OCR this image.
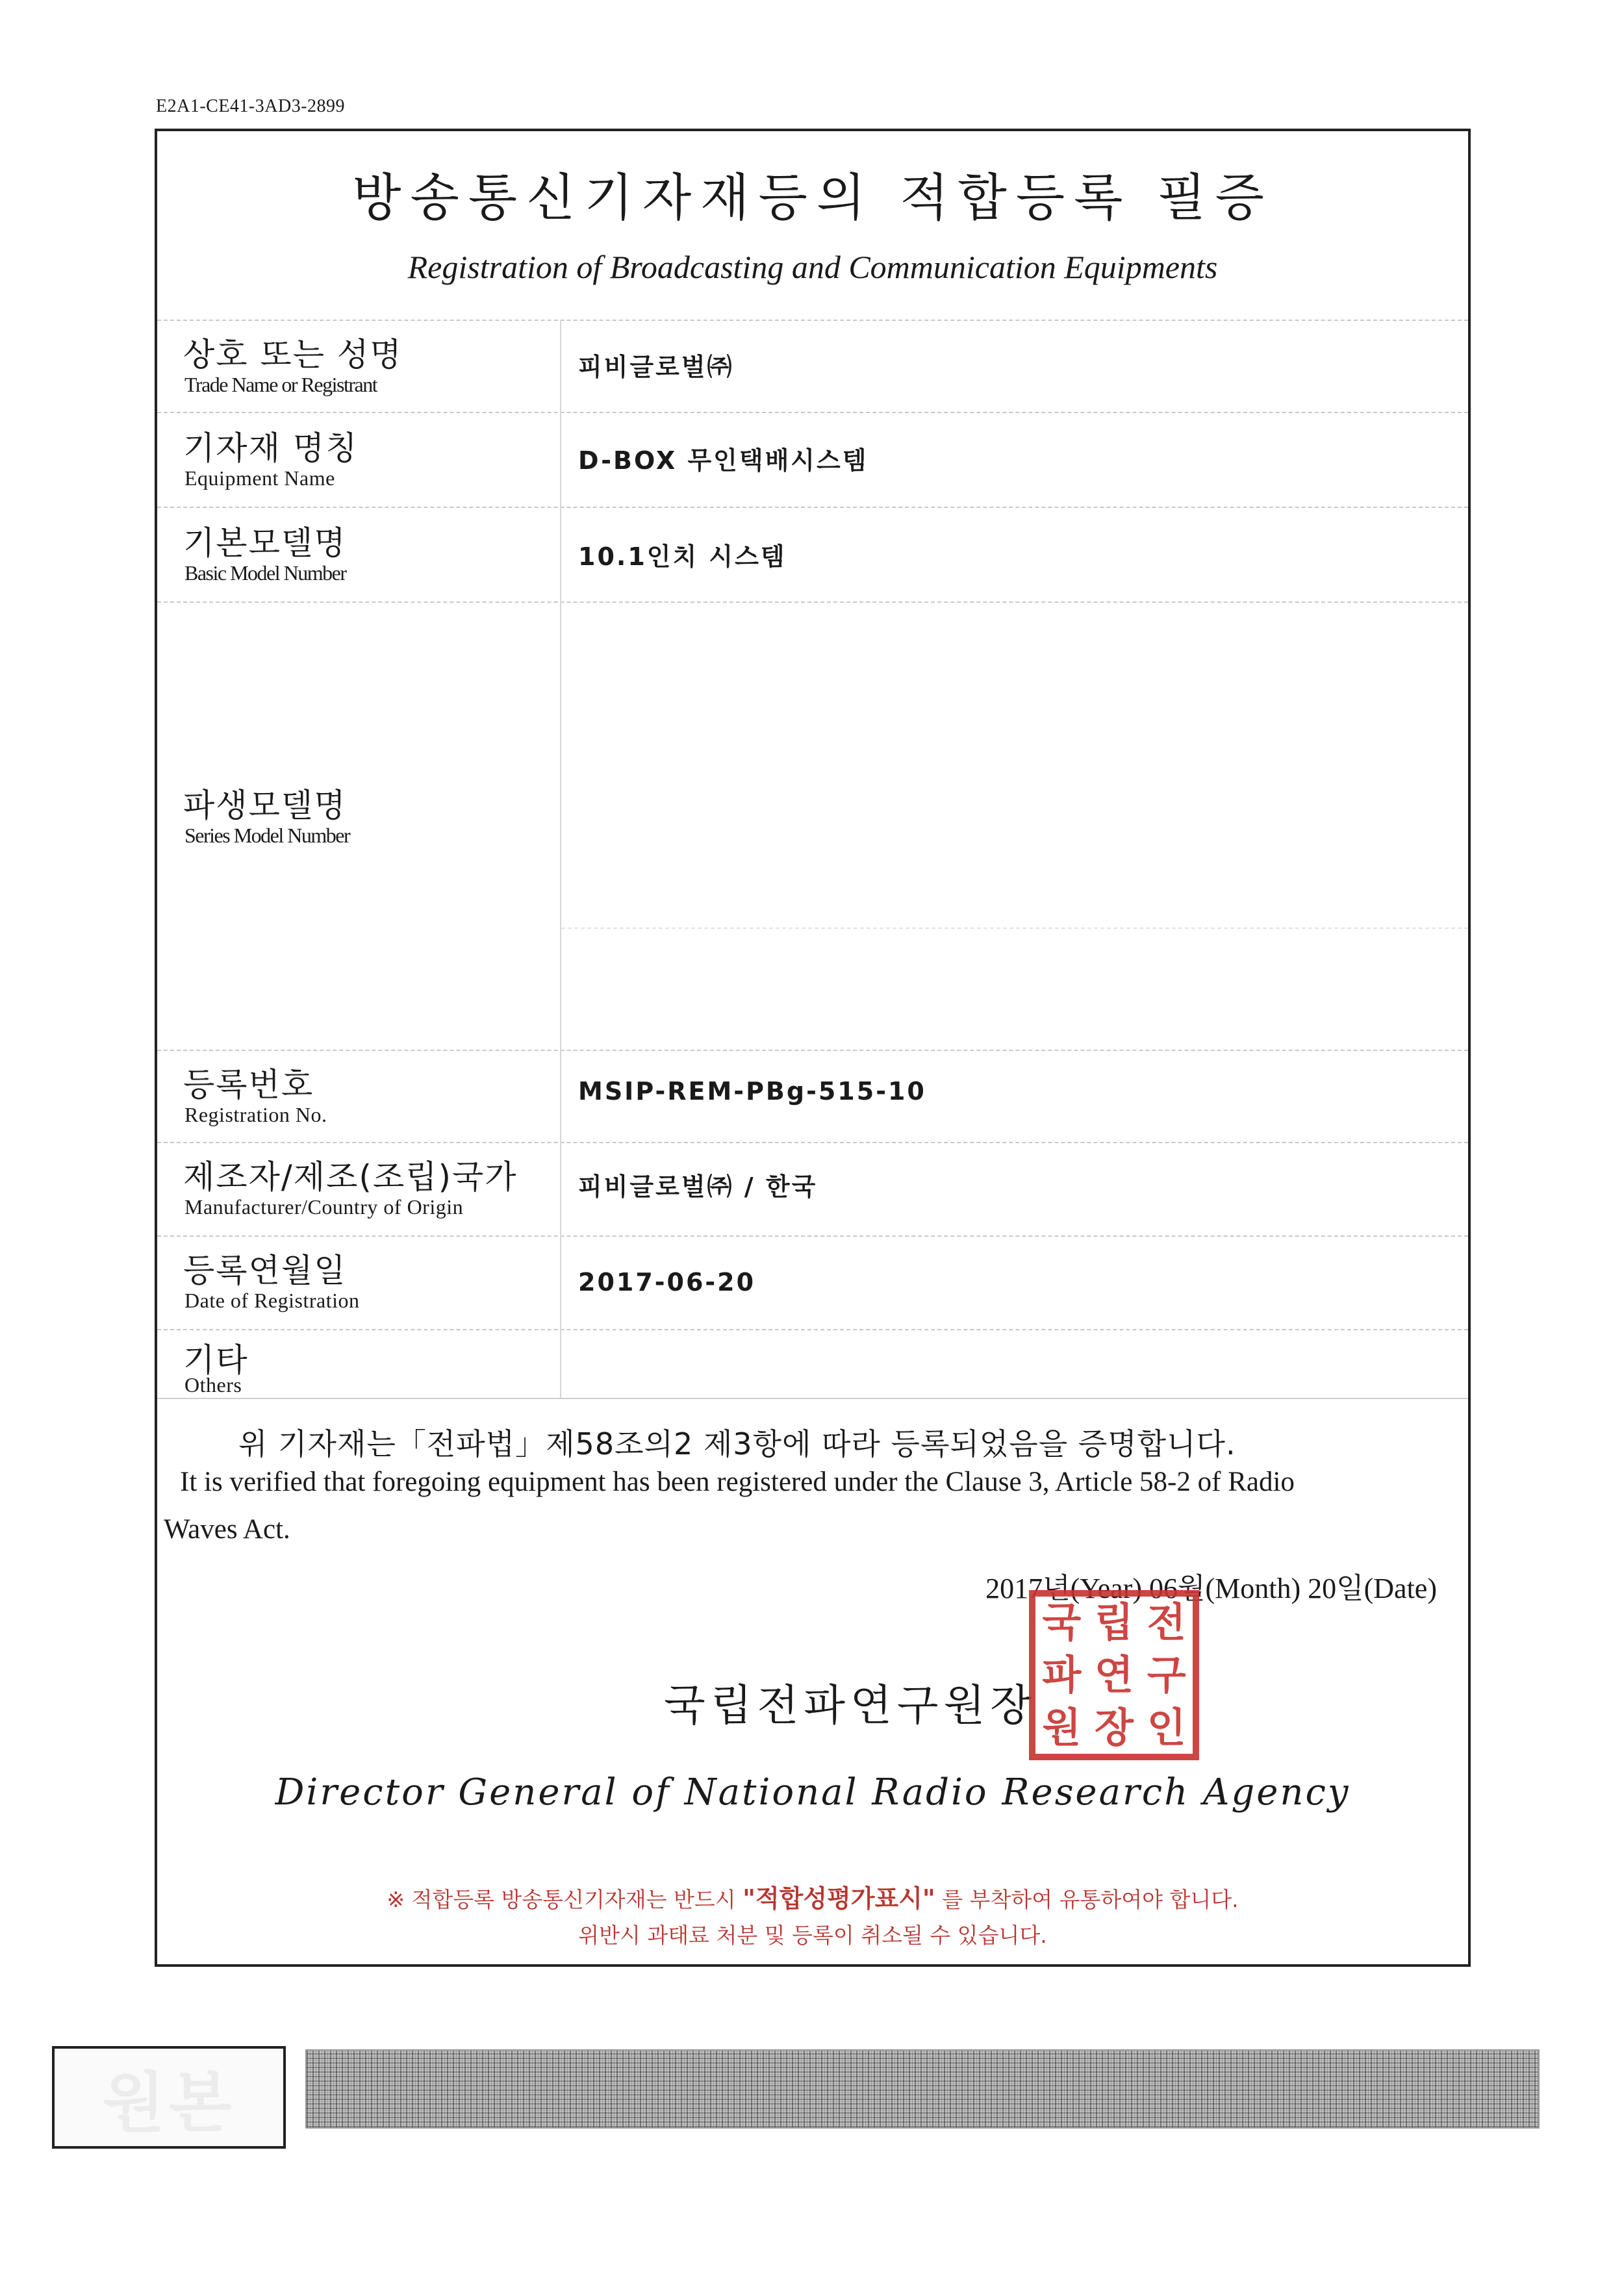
E2A1-CE41-3AD3-2899
방송통신기자재등의 적합등록 필증
Registration of Broadcasting and Communication Equipments
상호 또는 성명
Trade Name or Registrant
피비글로벌㈜
기자재 명칭
Equipment Name
D-BOX 무인택배시스템
기본모델명
Basic Model Number
10.1인치 시스템
파생모델명
Series Model Number
등록번호
Registration No.
MSIP-REM-PBg-515-10
제조자/제조(조립)국가
Manufacturer/Country of Origin
피비글로벌㈜ / 한국
등록연월일
Date of Registration
2017-06-20
기타
Others
위 기자재는「전파법」제58조의2 제3항에 따라 등록되었음을 증명합니다.
It is verified that foregoing equipment has been registered under the Clause 3, Article 58-2 of Radio
Waves Act.
2017년(Year) 06월(Month) 20일(Date)
국립전파연구원장
국 립 전
파 연 구
원 장 인
Director General of National Radio Research Agency
※ 적합등록 방송통신기자재는 반드시 "적합성평가표시" 를 부착하여 유통하여야 합니다.
위반시 과태료 처분 및 등록이 취소될 수 있습니다.
원본
